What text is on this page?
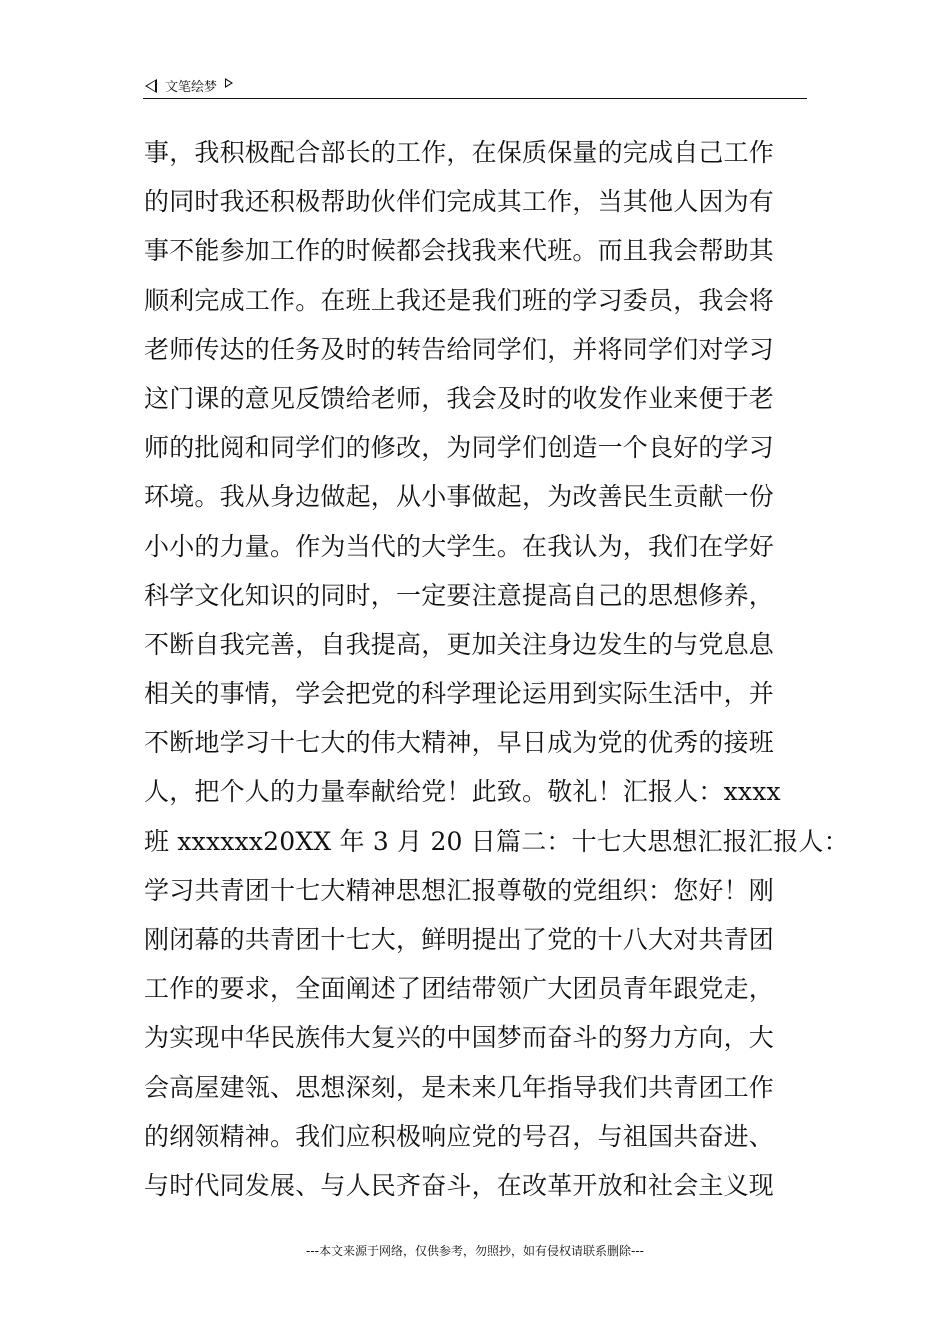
文笔绘梦
事，我积极配合部长的工作，在保质保量的完成自己工作
的同时我还积极帮助伙伴们完成其工作，当其他人因为有
事不能参加工作的时候都会找我来代班。而且我会帮助其
顺利完成工作。在班上我还是我们班的学习委员，我会将
老师传达的任务及时的转告给同学们，并将同学们对学习
这门课的意见反馈给老师，我会及时的收发作业来便于老
师的批阅和同学们的修改，为同学们创造一个良好的学习
环境。我从身边做起，从小事做起，为改善民生贡献一份
小小的力量。作为当代的大学生。在我认为，我们在学好
科学文化知识的同时，一定要注意提高自己的思想修养，
不断自我完善，自我提高，更加关注身边发生的与党息息
相关的事情，学会把党的科学理论运用到实际生活中，并
不断地学习十七大的伟大精神，早日成为党的优秀的接班
人，把个人的力量奉献给党！此致。敬礼！汇报人：xxxx
班 xxxxxx20XX 年 3 月 20 日篇二：十七大思想汇报汇报人：
学习共青团十七大精神思想汇报尊敬的党组织：您好！刚
刚闭幕的共青团十七大，鲜明提出了党的十八大对共青团
工作的要求，全面阐述了团结带领广大团员青年跟党走，
为实现中华民族伟大复兴的中国梦而奋斗的努力方向，大
会高屋建瓴、思想深刻，是未来几年指导我们共青团工作
的纲领精神。我们应积极响应党的号召，与祖国共奋进、
与时代同发展、与人民齐奋斗，在改革开放和社会主义现
---本文来源于网络，仅供参考，勿照抄，如有侵权请联系删除---
